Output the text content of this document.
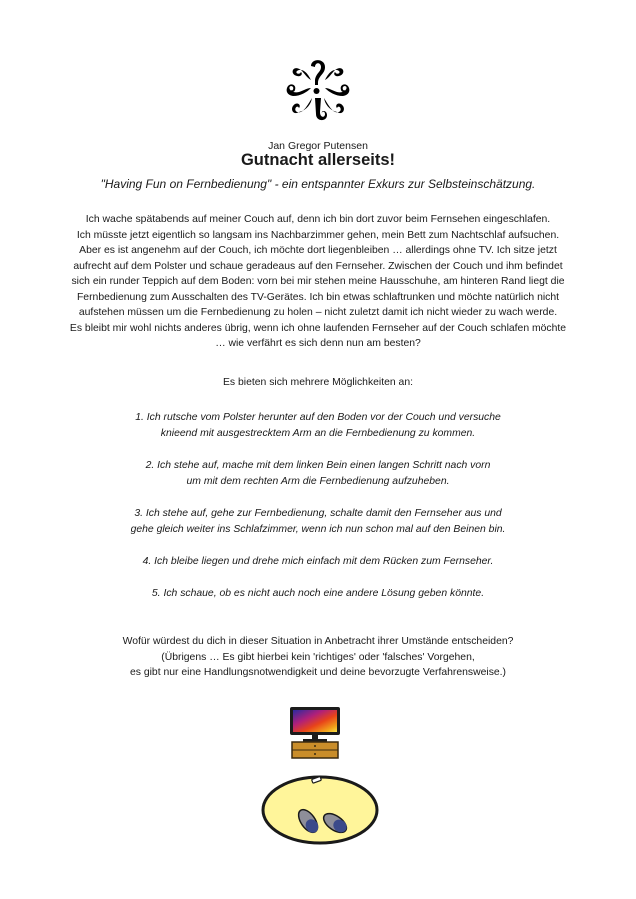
Jan Gregor Putensen
Gutnacht allerseits!

"Having Fun on Fernbedienung" - ein entspannter Exkurs zur Selbsteinschätzung.

Ich wache spätabends auf meiner Couch auf, denn ich bin dort zuvor beim Fernsehen eingeschlafen.
Ich müsste jetzt eigentlich so langsam ins Nachbarzimmer gehen, mein Bett zum Nachtschlaf aufsuchen.
Aber es ist angenehm auf der Couch, ich möchte dort liegenbleiben … allerdings ohne TV. Ich sitze jetzt
aufrecht auf dem Polster und schaue geradeaus auf den Fernseher. Zwischen der Couch und ihm befindet
sich ein runder Teppich auf dem Boden: vorn bei mir stehen meine Hausschuhe, am hinteren Rand liegt die
Fernbedienung zum Ausschalten des TV-Gerätes. Ich bin etwas schlaftrunken und möchte natürlich nicht
aufstehen müssen um die Fernbedienung zu holen – nicht zuletzt damit ich nicht wieder zu wach werde.
Es bleibt mir wohl nichts anderes übrig, wenn ich ohne laufenden Fernseher auf der Couch schlafen möchte
… wie verfährt es sich denn nun am besten?
Es bieten sich mehrere Möglichkeiten an:
1. Ich rutsche vom Polster herunter auf den Boden vor der Couch und versuche
knieend mit ausgestrecktem Arm an die Fernbedienung zu kommen.
2. Ich stehe auf, mache mit dem linken Bein einen langen Schritt nach vorn
um mit dem rechten Arm die Fernbedienung aufzuheben.
3. Ich stehe auf, gehe zur Fernbedienung, schalte damit den Fernseher aus und
gehe gleich weiter ins Schlafzimmer, wenn ich nun schon mal auf den Beinen bin.
4. Ich bleibe liegen und drehe mich einfach mit dem Rücken zum Fernseher.
5. Ich schaue, ob es nicht auch noch eine andere Lösung geben könnte.
Wofür würdest du dich in dieser Situation in Anbetracht ihrer Umstände entscheiden?
(Übrigens … Es gibt hierbei kein 'richtiges' oder 'falsches' Vorgehen,
es gibt nur eine Handlungsnotwendigkeit und deine bevorzugte Verfahrensweise.)
